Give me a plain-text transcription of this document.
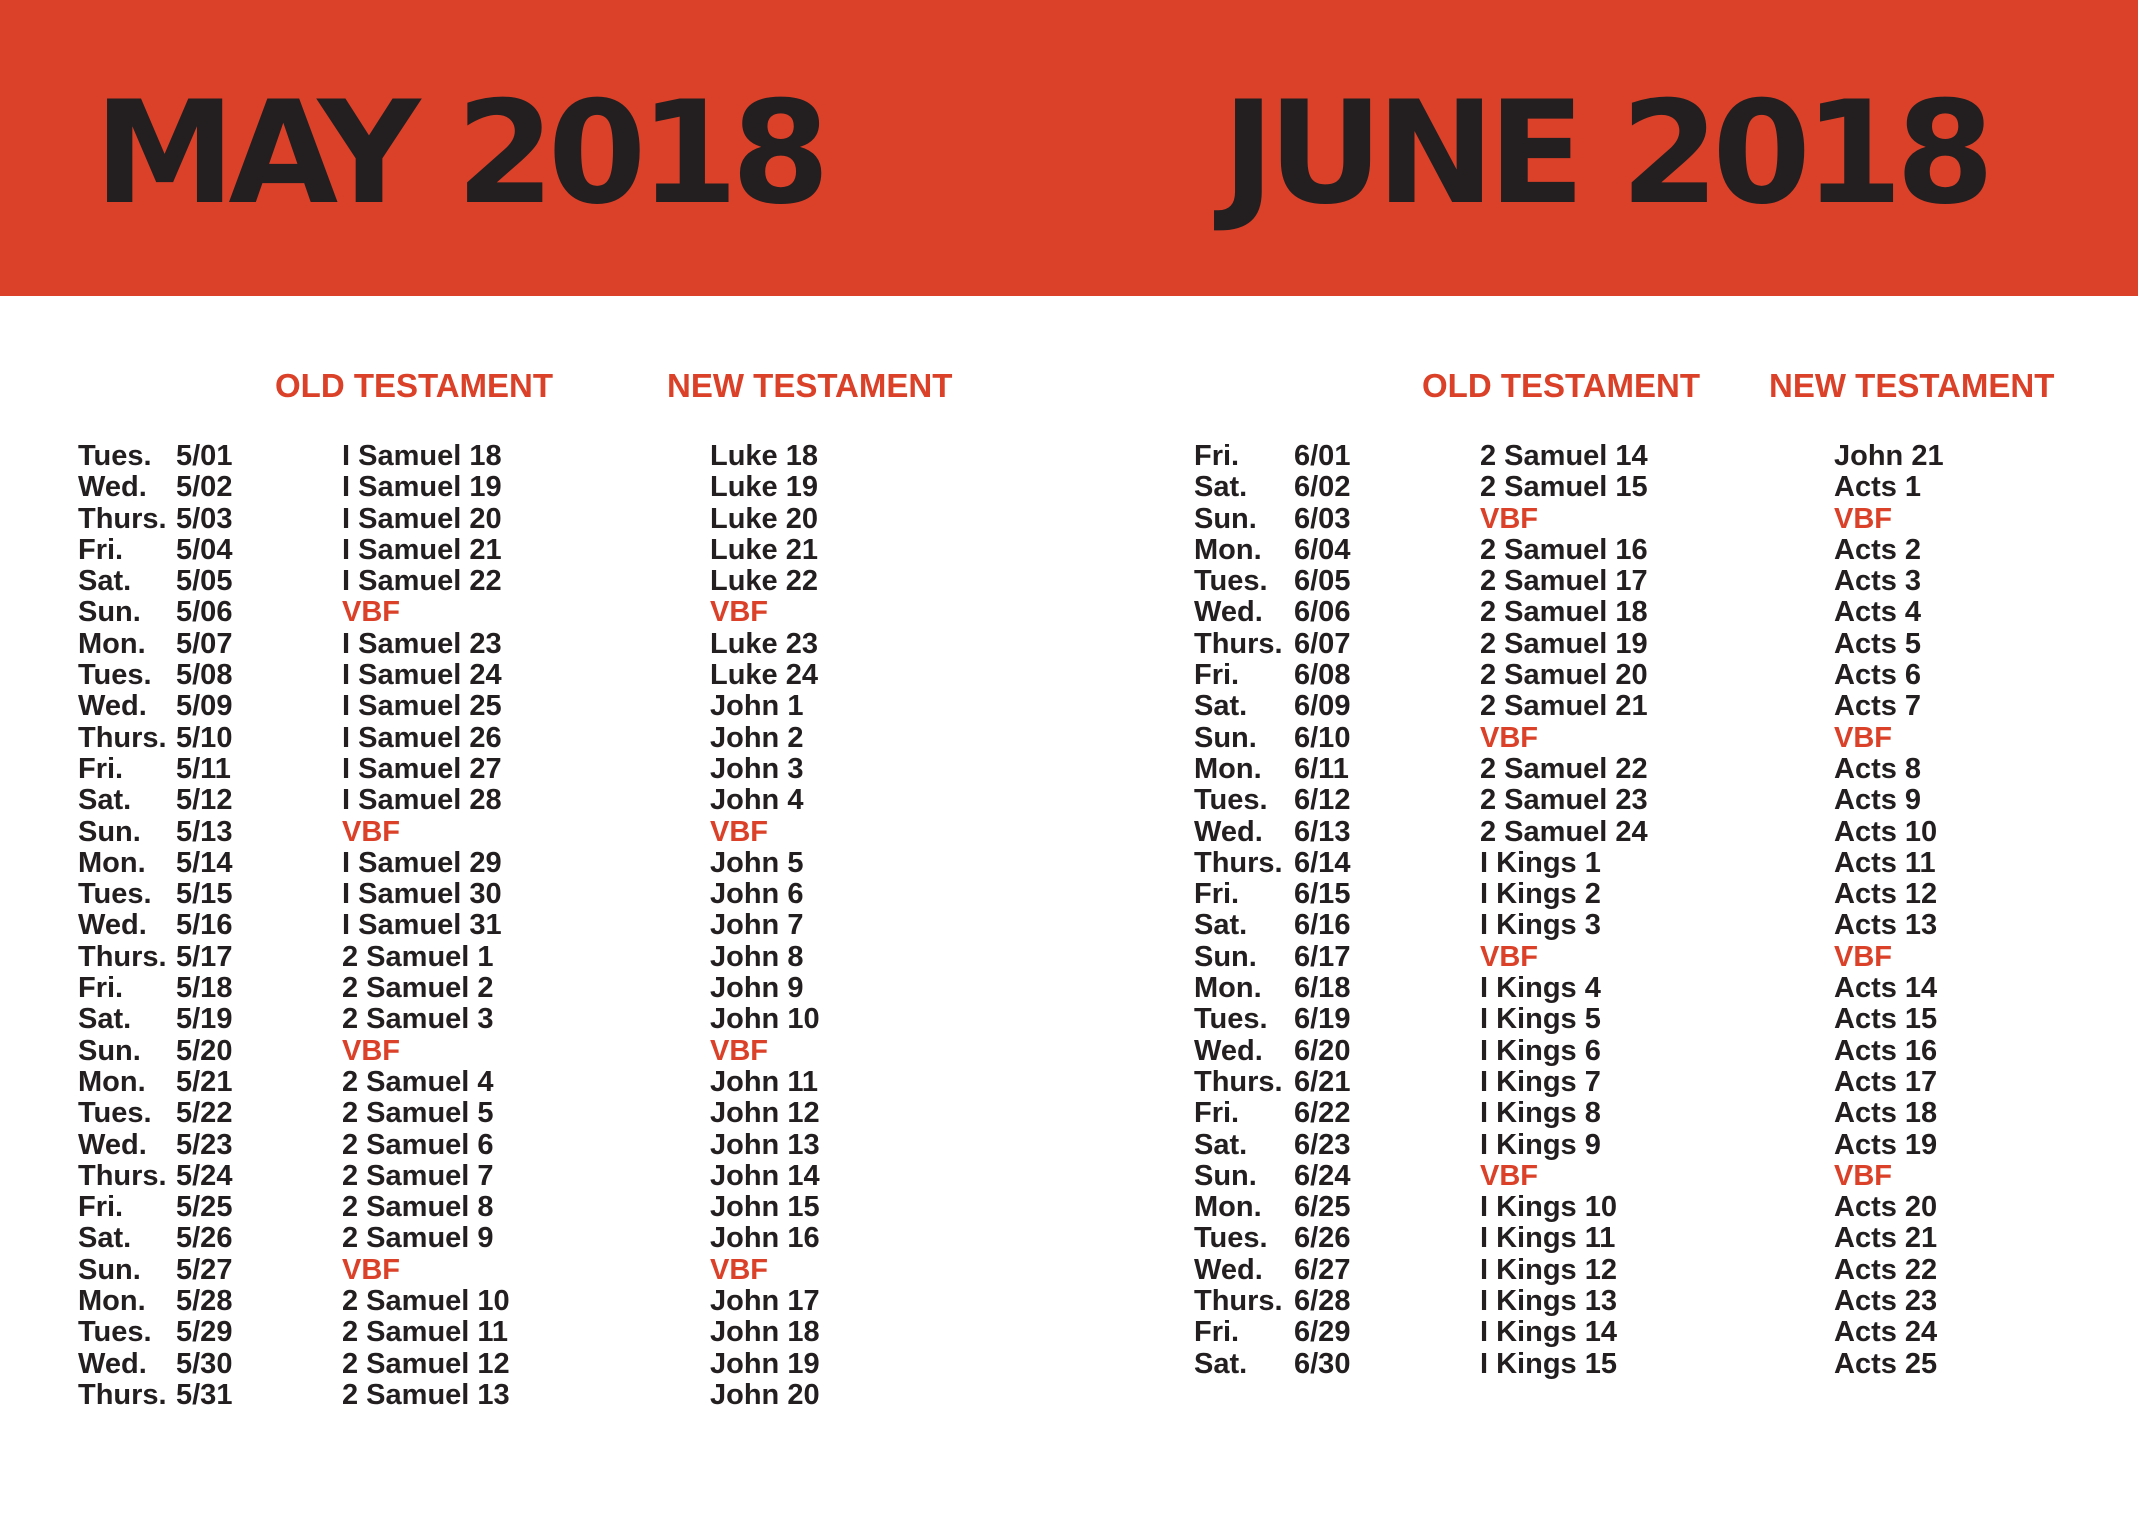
MAY 2018	JUNE 2018
OLD TESTAMENT	NEW TESTAMENT	OLD TESTAMENT NEW TESTAMENT
Tues. 5/01	I Samuel 18	Luke 18
Wed. 5/02	I Samuel 19	Luke 19
Thurs. 5/03	I Samuel 20	Luke 20
Fri. 5/04	I Samuel 21	Luke 21
Sat. 5/05	I Samuel 22	Luke 22
Sun. 5/06	VBF	VBF
Mon. 5/07	I Samuel 23	Luke 23
Tues. 5/08	I Samuel 24	Luke 24
Wed. 5/09	I Samuel 25	John 1
Thurs. 5/10	I Samuel 26	John 2
Fri. 5/11	I Samuel 27	John 3
Sat. 5/12	I Samuel 28	John 4
Sun. 5/13	VBF	VBF
Mon. 5/14	I Samuel 29	John 5
Tues. 5/15	I Samuel 30	John 6
Wed. 5/16	I Samuel 31	John 7
Thurs. 5/17	2 Samuel 1	John 8
Fri. 5/18	2 Samuel 2	John 9
Sat. 5/19	2 Samuel 3	John 10
Sun. 5/20	VBF	VBF
Mon. 5/21	2 Samuel 4	John 11
Tues. 5/22	2 Samuel 5	John 12
Wed. 5/23	2 Samuel 6	John 13
Thurs. 5/24	2 Samuel 7	John 14
Fri. 5/25	2 Samuel 8	John 15
Sat. 5/26	2 Samuel 9	John 16
Sun. 5/27	VBF	VBF
Mon. 5/28	2 Samuel 10	John 17
Tues. 5/29	2 Samuel 11	John 18
Wed. 5/30	2 Samuel 12	John 19
Thurs. 5/31	2 Samuel 13	John 20
Fri. 6/01	2 Samuel 14	John 21
Sat. 6/02	2 Samuel 15	Acts 1
Sun. 6/03	VBF	VBF
Mon. 6/04	2 Samuel 16	Acts 2
Tues. 6/05	2 Samuel 17	Acts 3
Wed. 6/06	2 Samuel 18	Acts 4
Thurs. 6/07	2 Samuel 19	Acts 5
Fri. 6/08	2 Samuel 20	Acts 6
Sat. 6/09	2 Samuel 21	Acts 7
Sun. 6/10	VBF	VBF
Mon. 6/11	2 Samuel 22	Acts 8
Tues. 6/12	2 Samuel 23	Acts 9
Wed. 6/13	2 Samuel 24	Acts 10
Thurs. 6/14	I Kings 1	Acts 11
Fri. 6/15	I Kings 2	Acts 12
Sat. 6/16	I Kings 3	Acts 13
Sun. 6/17	VBF	VBF
Mon. 6/18	I Kings 4	Acts 14
Tues. 6/19	I Kings 5	Acts 15
Wed. 6/20	I Kings 6	Acts 16
Thurs. 6/21	I Kings 7	Acts 17
Fri. 6/22	I Kings 8	Acts 18
Sat. 6/23	I Kings 9	Acts 19
Sun. 6/24	VBF	VBF
Mon. 6/25	I Kings 10	Acts 20
Tues. 6/26	I Kings 11	Acts 21
Wed. 6/27	I Kings 12	Acts 22
Thurs. 6/28	I Kings 13	Acts 23
Fri. 6/29	I Kings 14	Acts 24
Sat. 6/30	I Kings 15	Acts 25
